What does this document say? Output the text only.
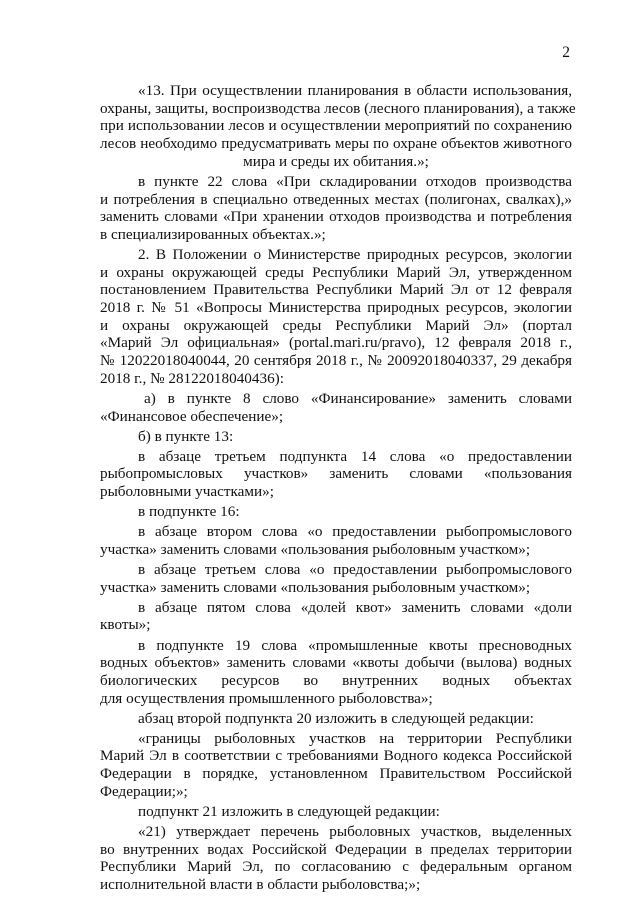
2
«13. При осуществлении планирования в области использования,
охраны, защиты, воспроизводства лесов (лесного планирования), а также
при использовании лесов и осуществлении мероприятий по сохранению
лесов необходимо предусматривать меры по охране объектов животного
мира и среды их обитания.»;
в пункте 22 слова «При складировании отходов производства
и потребления в специально отведенных местах (полигонах, свалках),»
заменить словами «При хранении отходов производства и потребления
в специализированных объектах.»;
2. В Положении о Министерстве природных ресурсов, экологии
и охраны окружающей среды Республики Марий Эл, утвержденном
постановлением Правительства Республики Марий Эл от 12 февраля
2018 г. № 51 «Вопросы Министерства природных ресурсов, экологии
и охраны окружающей среды Республики Марий Эл» (портал
«Марий Эл официальная» (portal.mari.ru/pravo), 12 февраля 2018 г.,
№ 12022018040044, 20 сентября 2018 г., № 20092018040337, 29 декабря
2018 г., № 28122018040436):
а) в пункте 8 слово «Финансирование» заменить словами
«Финансовое обеспечение»;
б) в пункте 13:
в абзаце третьем подпункта 14 слова «о предоставлении
рыбопромысловых участков» заменить словами «пользования
рыболовными участками»;
в подпункте 16:
в абзаце втором слова «о предоставлении рыбопромыслового
участка» заменить словами «пользования рыболовным участком»;
в абзаце третьем слова «о предоставлении рыбопромыслового
участка» заменить словами «пользования рыболовным участком»;
в абзаце пятом слова «долей квот» заменить словами «доли
квоты»;
в подпункте 19 слова «промышленные квоты пресноводных
водных объектов» заменить словами «квоты добычи (вылова) водных
биологических ресурсов во внутренних водных объектах
для осуществления промышленного рыболовства»;
абзац второй подпункта 20 изложить в следующей редакции:
«границы рыболовных участков на территории Республики
Марий Эл в соответствии с требованиями Водного кодекса Российской
Федерации в порядке, установленном Правительством Российской
Федерации;»;
подпункт 21 изложить в следующей редакции:
«21) утверждает перечень рыболовных участков, выделенных
во внутренних водах Российской Федерации в пределах территории
Республики Марий Эл, по согласованию с федеральным органом
исполнительной власти в области рыболовства;»;
